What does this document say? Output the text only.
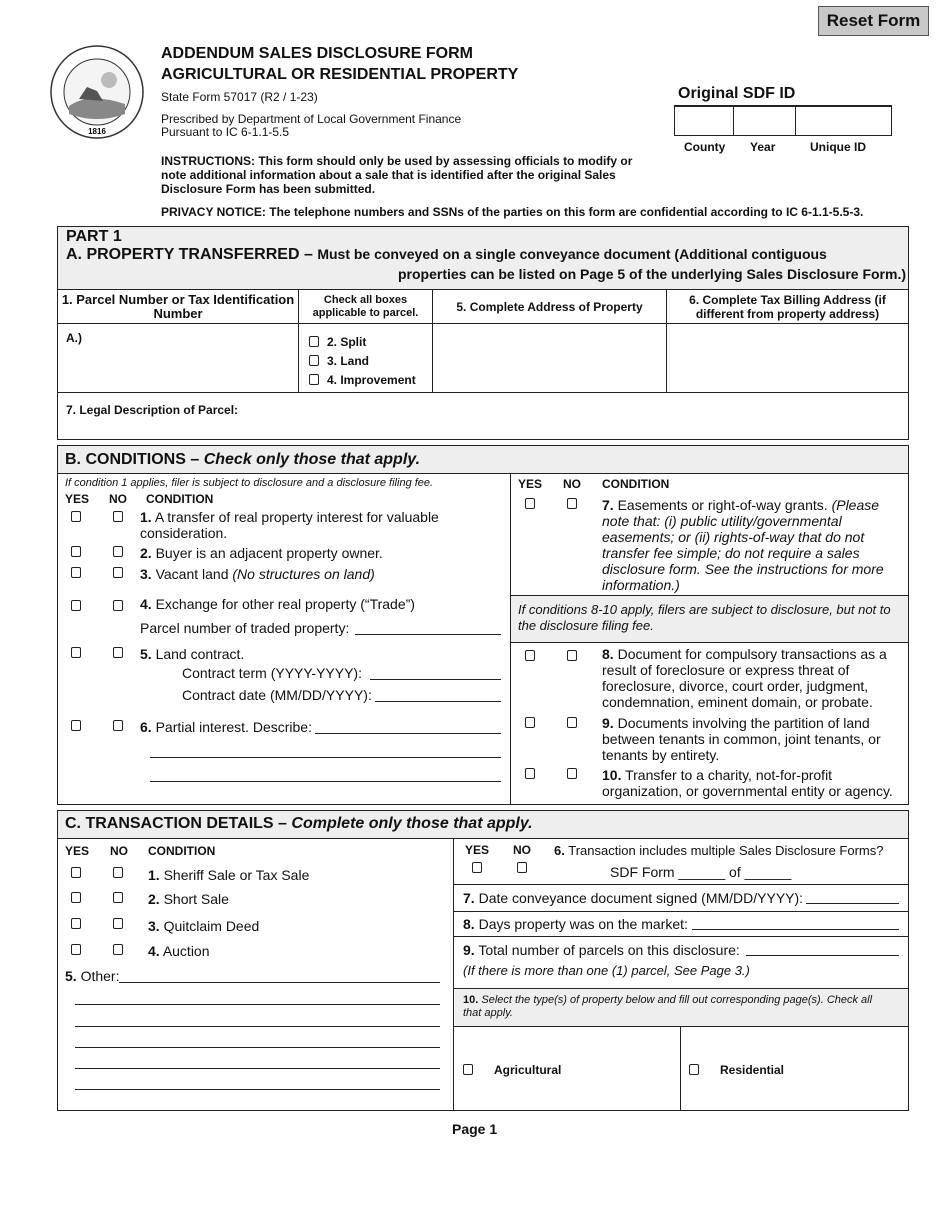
Reset Form
1816
ADDENDUM SALES DISCLOSURE FORM
AGRICULTURAL OR RESIDENTIAL PROPERTY
State Form 57017 (R2 / 1-23)
Prescribed by Department of Local Government Finance
Pursuant to IC 6-1.1-5.5
INSTRUCTIONS: This form should only be used by assessing officials to modify or note additional information about a sale that is identified after the original Sales Disclosure Form has been submitted.
PRIVACY NOTICE: The telephone numbers and SSNs of the parties on this form are confidential according to IC 6-1.1-5.5-3.
Original SDF ID
County Year	Unique ID
PART 1
A. PROPERTY TRANSFERRED – Must be conveyed on a single conveyance document (Additional contiguous
properties can be listed on Page 5 of the underlying Sales Disclosure Form.)
1. Parcel Number or Tax Identification Number
Check all boxes applicable to parcel.	5. Complete Address of Property	6. Complete Tax Billing Address (if different from property address)
A.)	2. Split
3. Land
4. Improvement
7. Legal Description of Parcel:
B. CONDITIONS – Check only those that apply.
If condition 1 applies, filer is subject to disclosure and a disclosure filing fee.
YES NO CONDITION
1. A transfer of real property interest for valuable consideration.
2. Buyer is an adjacent property owner.
3. Vacant land (No structures on land)
4. Exchange for other real property (“Trade”)
Parcel number of traded property:
5. Land contract.
Contract term (YYYY-YYYY):
Contract date (MM/DD/YYYY):
6. Partial interest. Describe:
YES NO CONDITION
7. Easements or right-of-way grants. (Please note that: (i) public utility/governmental easements; or (ii) rights-of-way that do not transfer fee simple; do not require a sales disclosure form. See the instructions for more information.)
If conditions 8-10 apply, filers are subject to disclosure, but not to the disclosure filing fee.
8. Document for compulsory transactions as a result of foreclosure or express threat of foreclosure, divorce, court order, judgment, condemnation, eminent domain, or probate.
9. Documents involving the partition of land between tenants in common, joint tenants, or tenants by entirety.
10. Transfer to a charity, not-for-profit organization, or governmental entity or agency.
C. TRANSACTION DETAILS – Complete only those that apply.
YES NO CONDITION
1. Sheriff Sale or Tax Sale
2. Short Sale
3. Quitclaim Deed
4. Auction
5. Other:
YES NO 6. Transaction includes multiple Sales Disclosure Forms?
SDF Form ______ of ______
7. Date conveyance document signed (MM/DD/YYYY):
8. Days property was on the market:
9. Total number of parcels on this disclosure:
(If there is more than one (1) parcel, See Page 3.)
10. Select the type(s) of property below and fill out corresponding page(s). Check all that apply.
Agricultural	Residential
Page 1
